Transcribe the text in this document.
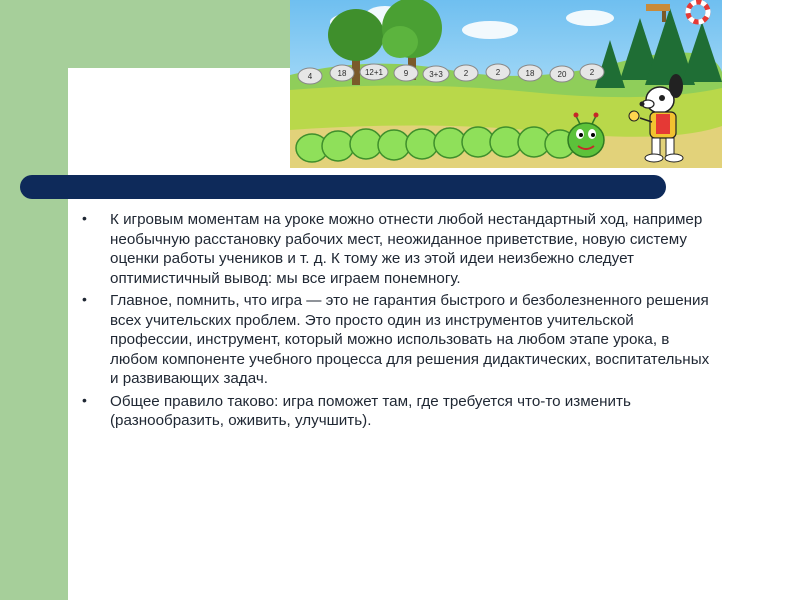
4	18 12+1	9	3+3	2	2	18	20	2
• К игровым моментам на уроке можно отнести любой нестандартный ход, например необычную расстановку рабочих мест, неожиданное приветствие, новую систему оценки работы учеников и т. д. К тому же из этой идеи неизбежно следует оптимистичный вывод: мы все играем понемногу.
• Главное, помнить, что игра — это не гарантия быстрого и безболезненного решения всех учительских проблем. Это просто один из инструментов учительской профессии, инструмент, который можно использовать на любом этапе урока, в любом компоненте учебного процесса для решения дидактических, воспитательных и развивающих задач.
• Общее правило таково: игра поможет там, где требуется что-то изменить (разнообразить, оживить, улучшить).
